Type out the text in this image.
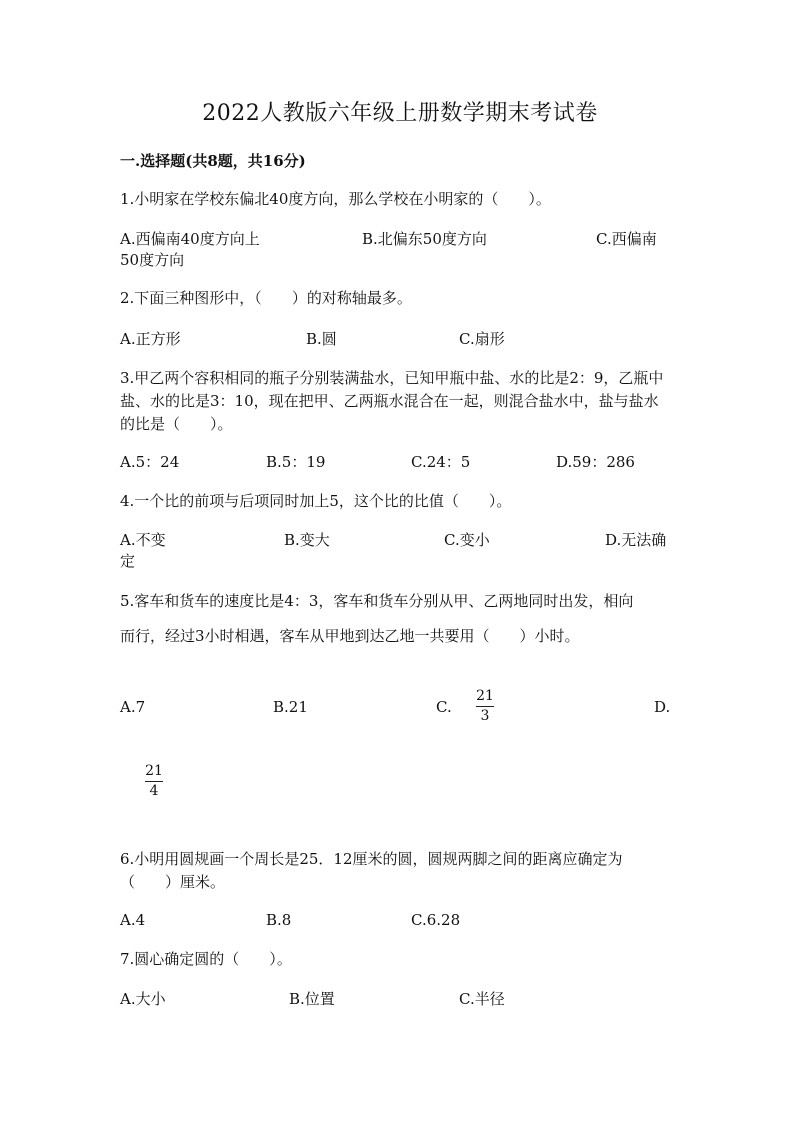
2022人教版六年级上册数学期末考试卷
一.选择题(共8题，共16分)
1.小明家在学校东偏北40度方向，那么学校在小明家的（　　）。
A.西偏南40度方向上	B.北偏东50度方向	C.西偏南
50度方向
2.下面三种图形中，（　　）的对称轴最多。
A.正方形	B.圆	C.扇形
3.甲乙两个容积相同的瓶子分别装满盐水，已知甲瓶中盐、水的比是2：9，乙瓶中盐、水的比是3：10，现在把甲、乙两瓶水混合在一起，则混合盐水中，盐与盐水的比是（　　）。
A.5：24	B.5：19	C.24：5	D.59：286
4.一个比的前项与后项同时加上5，这个比的比值（　　）。
A.不变	B.变大	C.变小	D.无法确
定
5.客车和货车的速度比是4：3，客车和货车分别从甲、乙两地同时出发，相向
而行，经过3小时相遇，客车从甲地到达乙地一共要用（　　）小时。
A.7	B.21	C.
21
3	D.
21
4
6.小明用圆规画一个周长是25．12厘米的圆，圆规两脚之间的距离应确定为（　　）厘米。
A.4	B.8	C.6.28
7.圆心确定圆的（　　）。
A.大小	B.位置	C.半径
